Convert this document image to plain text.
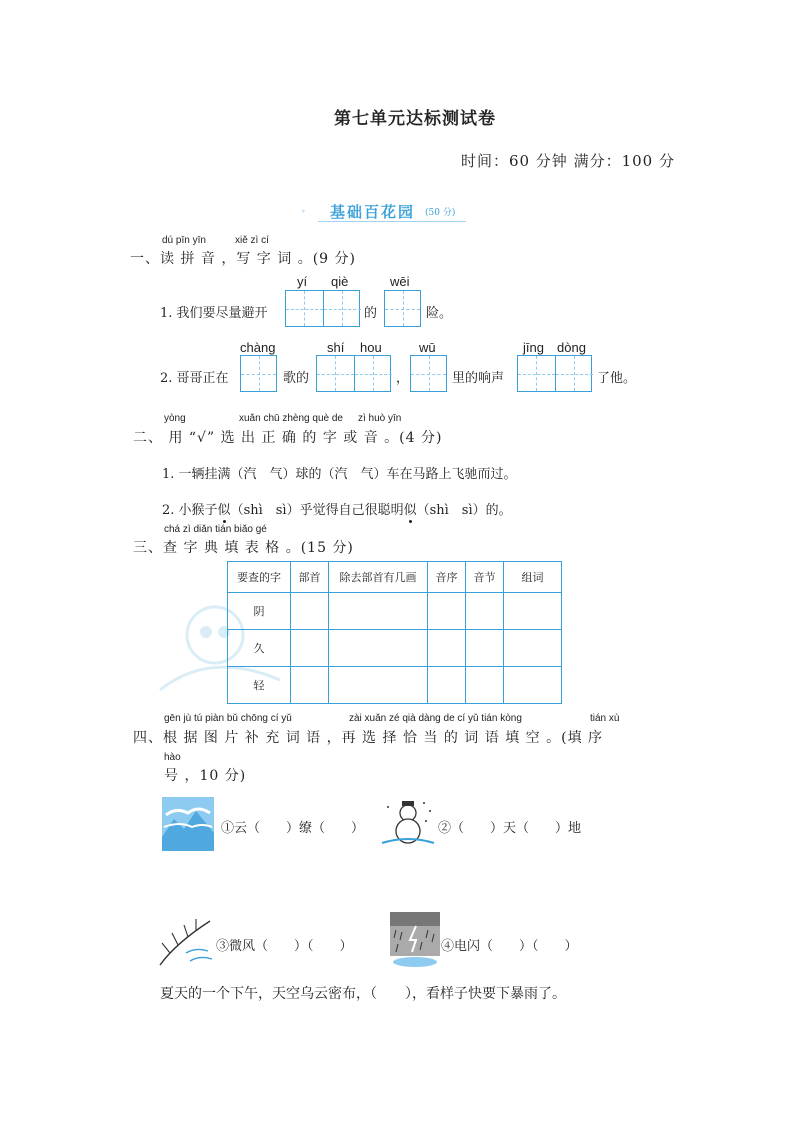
第七单元达标测试卷
时间：60 分钟 满分：100 分
基础百花园 (50 分)
dú pīn yīn	xiě zì cí
一、读 拼 音 ，写 字 词 。(9 分)
yí qiè	wēi
1. 我们要尽量避开	的	险。
chàng	shí hou	wū	jīng dòng
2. 哥哥正在	歌的	，	里的响声	了他。
yòng	xuǎn chū zhèng què de zì huò yīn
二、 用 “√” 选 出 正 确 的 字 或 音 。(4 分)
1. 一辆挂满（汽　气）球的（汽　气）车在马路上飞驰而过。
2. 小猴子似（shì　sì）乎觉得自己很聪明似（shì　sì）的。
chá zì diǎn tián biǎo gé
三、查 字 典 填 表 格 。(15 分)
要查的字	部首	除去部首有几画	音序	音节	组词
阴					
久					
轻					
gēn jù tú piàn bǔ chōng cí yǔ	zài xuǎn zé qià dàng de cí yǔ tián kòng	tián xù
四、根 据 图 片 补 充 词 语 ，再 选 择 恰 当 的 词 语 填 空 。(填 序
号 ，10 分)
hào
①云（　　）缭（　　）	②（　　）天（　　）地
③微风（　　）（　　）	④电闪（　　）（　　）
夏天的一个下午，天空乌云密布，（　　），看样子快要下暴雨了。
